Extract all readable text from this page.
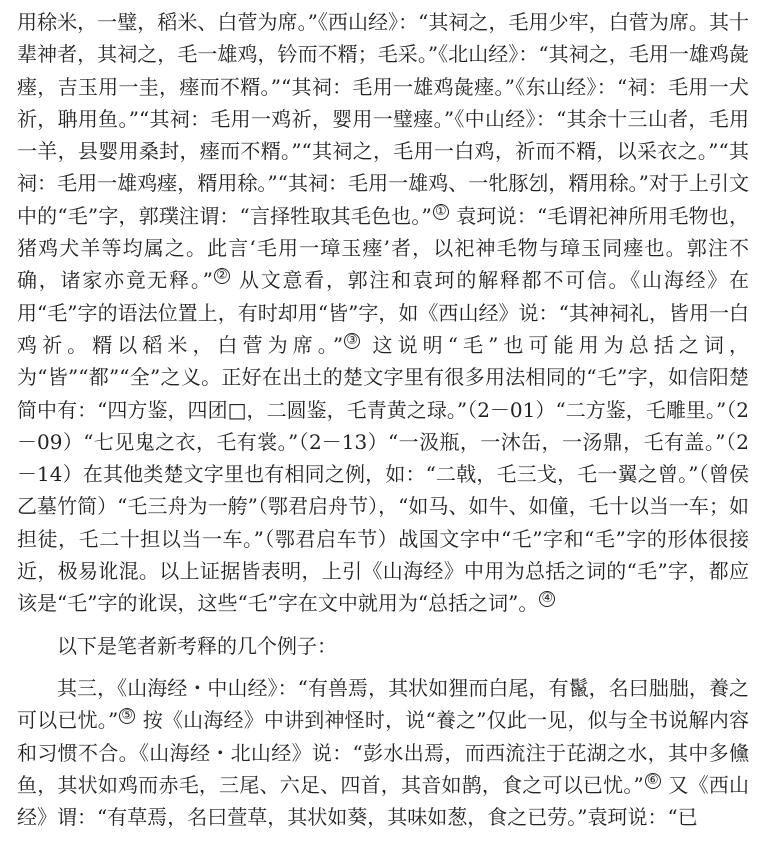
用稌米，一璧，稻米、白菅为席。”《西山经》：“其祠之，毛用少牢，白菅为席。其十辈神者，其祠之，毛一雄鸡，钤而不糈；毛采。”《北山经》：“其祠之，毛用一雄鸡彘瘗，吉玉用一圭，瘗而不糈。”“其祠：毛用一雄鸡彘瘗。”《东山经》：“祠：毛用一犬祈，聃用鱼。”“其祠：毛用一鸡祈，婴用一璧瘗。”《中山经》：“其余十三山者，毛用一羊，县婴用桑封，瘗而不糈。”“其祠之，毛用一白鸡，祈而不糈，以采衣之。”“其祠：毛用一雄鸡瘗，糈用稌。”“其祠：毛用一雄鸡、一牝豚刉，糈用稌。”对于上引文中的“毛”字，郭璞注谓：“言择牲取其毛色也。” ① 袁珂说：“毛谓祀神所用毛物也，猪鸡犬羊等均属之。此言‘毛用一璋玉瘗’者，以祀神毛物与璋玉同瘗也。郭注不确，诸家亦竟无释。” ② 从文意看，郭注和袁珂的解释都不可信。《山海经》在用“毛”字的语法位置上，有时却用“皆”字，如《西山经》说：“其神祠礼，皆用一白鸡祈。糈以稻米，白菅为席。” ③ 这说明“毛”也可能用为总括之词，为“皆”“都”“全”之义。正好在出土的楚文字里有很多用法相同的“乇”字，如信阳楚简中有：“四方鉴，四团□，二圆鉴，乇青黄之琭。”（2－01）“二方鉴，乇雕里。”（2－09）“七见鬼之衣，乇有裳。”（2－13）“一汲瓶，一沐缶，一汤鼎，乇有盖。”（2－14）在其他类楚文字里也有相同之例，如：“二戟，乇三戈，乇一翼之曾。”（曾侯乙墓竹简）“乇三舟为一舿”（鄂君启舟节），“如马、如牛、如僮，乇十以当一车；如担徒，乇二十担以当一车。”（鄂君启车节）战国文字中“乇”字和“毛”字的形体很接近，极易讹混。以上证据皆表明，上引《山海经》中用为总括之词的“毛”字，都应该是“乇”字的讹误，这些“乇”字在文中就用为“总括之词”。 ④

以下是笔者新考释的几个例子：

其三，《山海经・中山经》：“有兽焉，其状如狸而白尾，有鬣，名曰朏朏，養之可以已忧。” ⑤ 按《山海经》中讲到神怪时，说“養之”仅此一见，似与全书说解内容和习惯不合。《山海经・北山经》说：“彭水出焉，而西流注于芘湖之水，其中多儵鱼，其状如鸡而赤毛，三尾、六足、四首，其音如鹊，食之可以已忧。” ⑥ 又《西山经》谓：“有草焉，名曰萱草，其状如葵，其味如葱，食之已劳。”袁珂说：“已
